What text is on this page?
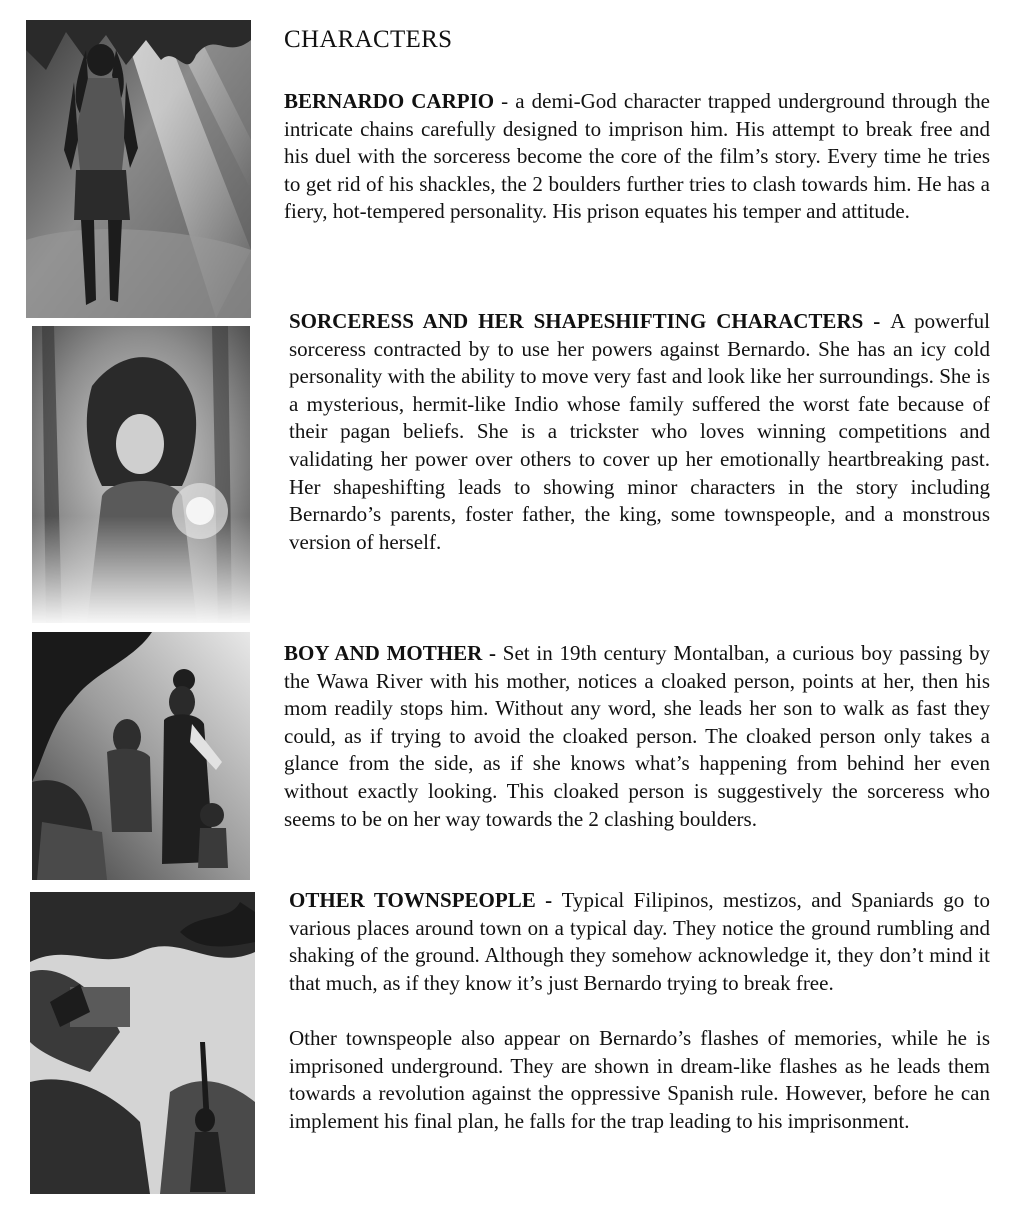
CHARACTERS

BERNARDO CARPIO - a demi-God character trapped underground through the intricate chains carefully designed to imprison him. His attempt to break free and his duel with the sorceress become the core of the film’s story. Every time he tries to get rid of his shackles, the 2 boulders further tries to clash towards him. He has a fiery, hot-tempered personality. His prison equates his temper and attitude.

SORCERESS AND HER SHAPESHIFTING CHARACTERS - A powerful sorceress contracted by to use her powers against Bernardo. She has an icy cold personality with the ability to move very fast and look like her surroundings. She is a mysterious, hermit-like Indio whose family suffered the worst fate because of their pagan beliefs. She is a trickster who loves winning competitions and validating her power over others to cover up her emotionally heartbreaking past. Her shapeshifting leads to showing minor characters in the story including Bernardo’s parents, foster father, the king, some townspeople, and a monstrous version of herself.

BOY AND MOTHER - Set in 19th century Montalban, a curious boy passing by the Wawa River with his mother, notices a cloaked person, points at her, then his mom readily stops him. Without any word, she leads her son to walk as fast they could, as if trying to avoid the cloaked person. The cloaked person only takes a glance from the side, as if she knows what’s happening from behind her even without exactly looking. This cloaked person is suggestively the sorceress who seems to be on her way towards the 2 clashing boulders.

OTHER TOWNSPEOPLE - Typical Filipinos, mestizos, and Spaniards go to various places around town on a typical day. They notice the ground rumbling and shaking of the ground. Although they somehow acknowledge it, they don’t mind it that much, as if they know it’s just Bernardo trying to break free.

Other townspeople also appear on Bernardo’s flashes of memories, while he is imprisoned underground. They are shown in dream-like flashes as he leads them towards a revolution against the oppressive Spanish rule. However, before he can implement his final plan, he falls for the trap leading to his imprisonment.
